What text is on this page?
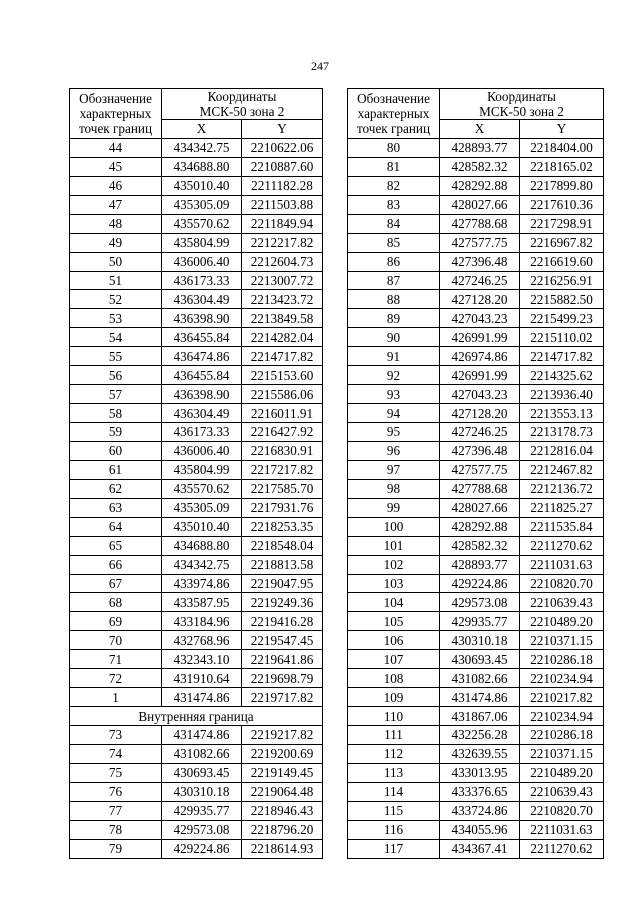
247
Обозначение
характерных
точек границ	Координаты
МСК-50 зона 2	

	X	Y
44	434342.75	2210622.06
45	434688.80	2210887.60
46	435010.40	2211182.28
47	435305.09	2211503.88
48	435570.62	2211849.94
49	435804.99	2212217.82
50	436006.40	2212604.73
51	436173.33	2213007.72
52	436304.49	2213423.72
53	436398.90	2213849.58
54	436455.84	2214282.04
55	436474.86	2214717.82
56	436455.84	2215153.60
57	436398.90	2215586.06
58	436304.49	2216011.91
59	436173.33	2216427.92
60	436006.40	2216830.91
61	435804.99	2217217.82
62	435570.62	2217585.70
63	435305.09	2217931.76
64	435010.40	2218253.35
65	434688.80	2218548.04
66	434342.75	2218813.58
67	433974.86	2219047.95
68	433587.95	2219249.36
69	433184.96	2219416.28
70	432768.96	2219547.45
71	432343.10	2219641.86
72	431910.64	2219698.79
1	431474.86	2219717.82
Внутренняя граница		
73	431474.86	2219217.82
74	431082.66	2219200.69
75	430693.45	2219149.45
76	430310.18	2219064.48
77	429935.77	2218946.43
78	429573.08	2218796.20
79	429224.86	2218614.93
Обозначение
характерных
точек границ	Координаты
МСК-50 зона 2	

	X	Y
80	428893.77	2218404.00
81	428582.32	2218165.02
82	428292.88	2217899.80
83	428027.66	2217610.36
84	427788.68	2217298.91
85	427577.75	2216967.82
86	427396.48	2216619.60
87	427246.25	2216256.91
88	427128.20	2215882.50
89	427043.23	2215499.23
90	426991.99	2215110.02
91	426974.86	2214717.82
92	426991.99	2214325.62
93	427043.23	2213936.40
94	427128.20	2213553.13
95	427246.25	2213178.73
96	427396.48	2212816.04
97	427577.75	2212467.82
98	427788.68	2212136.72
99	428027.66	2211825.27
100	428292.88	2211535.84
101	428582.32	2211270.62
102	428893.77	2211031.63
103	429224.86	2210820.70
104	429573.08	2210639.43
105	429935.77	2210489.20
106	430310.18	2210371.15
107	430693.45	2210286.18
108	431082.66	2210234.94
109	431474.86	2210217.82
110	431867.06	2210234.94
111	432256.28	2210286.18
112	432639.55	2210371.15
113	433013.95	2210489.20
114	433376.65	2210639.43
115	433724.86	2210820.70
116	434055.96	2211031.63
117	434367.41	2211270.62
